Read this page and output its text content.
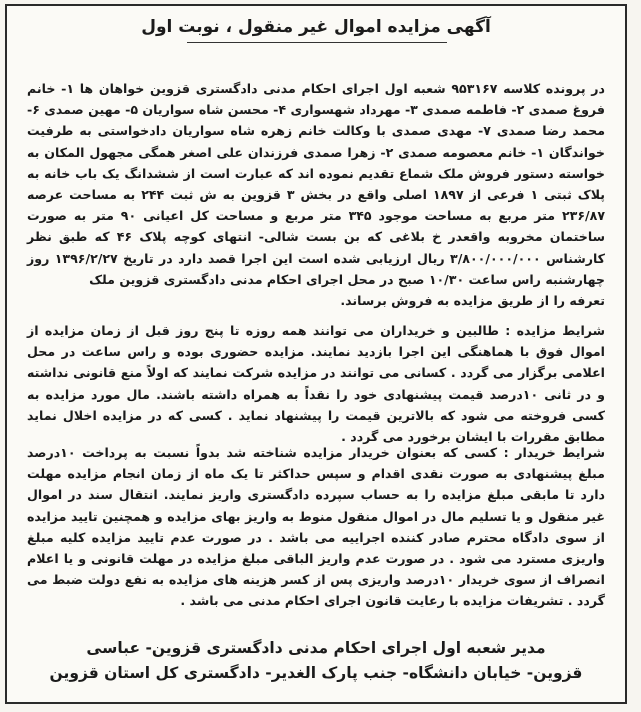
آگهی مزایده اموال غیر منقول ، نوبت اول
در پرونده کلاسه ۹۵۳۱۶۷ شعبه اول اجرای احکام مدنی دادگستری قزوین خواهان ها ۱- خانم فروغ صمدی ۲- فاطمه صمدی ۳- مهرداد شهسواری ۴- محسن شاه سواریان ۵- مهین صمدی ۶- محمد رضا صمدی ۷- مهدی صمدی با وکالت خانم زهره شاه سواریان دادخواستی به طرفیت خواندگان ۱- خانم معصومه صمدی ۲- زهرا صمدی فرزندان علی اصغر همگی مجهول المکان به خواسته دستور فروش ملک شماع تقدیم نموده اند که عبارت است از ششدانگ یک باب خانه به پلاک ثبتی ۱ فرعی از ۱۸۹۷ اصلی واقع در بخش ۳ قزوین به ش ثبت ۲۴۴ به مساحت عرصه ۲۳۶/۸۷ متر مربع به مساحت موجود ۳۴۵ متر مربع و مساحت کل اعیانی ۹۰ متر به صورت ساختمان مخروبه واقعدر خ بلاغی که بن بست شالی- انتهای کوچه پلاک ۴۶ که طبق نظر کارشناس ۳/۸۰۰/۰۰۰/۰۰۰ ریال ارزیابی شده است این اجرا قصد دارد در تاریخ ۱۳۹۶/۲/۲۷ روز چهارشنبه راس ساعت ۱۰/۳۰ صبح در محل اجرای احکام مدنی دادگستری قزوین ملک
تعرفه را از طریق مزایده به فروش برساند.
شرایط مزایده : طالبین و خریداران می توانند همه روزه تا پنج روز قبل از زمان مزایده از اموال فوق با هماهنگی این اجرا بازدید نمایند. مزایده حضوری بوده و راس ساعت در محل اعلامی برگزار می گردد . کسانی می توانند در مزایده شرکت نمایند که اولاً منع قانونی نداشته و در ثانی ۱۰درصد قیمت پیشنهادی خود را نقداً به همراه داشته باشند. مال مورد مزایده به کسی فروخته می شود که بالاترین قیمت را پیشنهاد نماید . کسی که در مزایده اخلال نماید مطابق مقررات با ایشان برخورد می گردد .
شرایط خریدار : کسی که بعنوان خریدار مزایده شناخته شد بدواً نسبت به پرداخت ۱۰درصد مبلغ پیشنهادی به صورت نقدی اقدام و سپس حداکثر تا یک ماه از زمان انجام مزایده مهلت دارد تا مابقی مبلغ مزایده را به حساب سپرده دادگستری واریز نمایند. انتقال سند در اموال غیر منقول و یا تسلیم مال در اموال منقول منوط به واریز بهای مزایده و همچنین تایید مزایده از سوی دادگاه محترم صادر کننده اجراییه می باشد . در صورت عدم تایید مزایده کلیه مبلغ واریزی مسترد می شود . در صورت عدم واریز الباقی مبلغ مزایده در مهلت قانونی و یا اعلام انصراف از سوی خریدار ۱۰درصد واریزی پس از کسر هزینه های مزایده به نفع دولت ضبط می گردد . تشریفات مزایده با رعایت قانون اجرای احکام مدنی می باشد .
مدیر شعبه اول اجرای احکام مدنی دادگستری قزوین- عباسی
قزوین- خیابان دانشگاه- جنب پارک الغدیر- دادگستری کل استان قزوین
